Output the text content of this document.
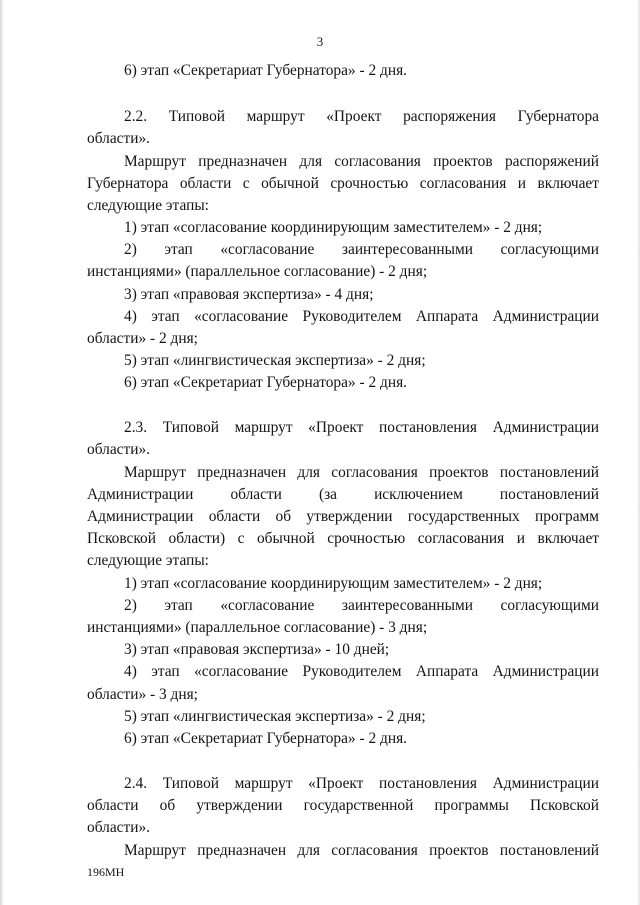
3
6) этап «Секретариат Губернатора» - 2 дня.
2.2. Типовой маршрут «Проект распоряжения Губернатора
области».
Маршрут предназначен для согласования проектов распоряжений
Губернатора области с обычной срочностью согласования и включает
следующие этапы:
1) этап «согласование координирующим заместителем» - 2 дня;
2) этап «согласование заинтересованными согласующими
инстанциями» (параллельное согласование) - 2 дня;
3) этап «правовая экспертиза» - 4 дня;
4) этап «согласование Руководителем Аппарата Администрации
области» - 2 дня;
5) этап «лингвистическая экспертиза» - 2 дня;
6) этап «Секретариат Губернатора» - 2 дня.
2.3. Типовой маршрут «Проект постановления Администрации
области».
Маршрут предназначен для согласования проектов постановлений
Администрации области (за исключением постановлений
Администрации области об утверждении государственных программ
Псковской области) с обычной срочностью согласования и включает
следующие этапы:
1) этап «согласование координирующим заместителем» - 2 дня;
2) этап «согласование заинтересованными согласующими
инстанциями» (параллельное согласование) - 3 дня;
3) этап «правовая экспертиза» - 10 дней;
4) этап «согласование Руководителем Аппарата Администрации
области» - 3 дня;
5) этап «лингвистическая экспертиза» - 2 дня;
6) этап «Секретариат Губернатора» - 2 дня.
2.4. Типовой маршрут «Проект постановления Администрации
области об утверждении государственной программы Псковской
области».
Маршрут предназначен для согласования проектов постановлений
196МН
